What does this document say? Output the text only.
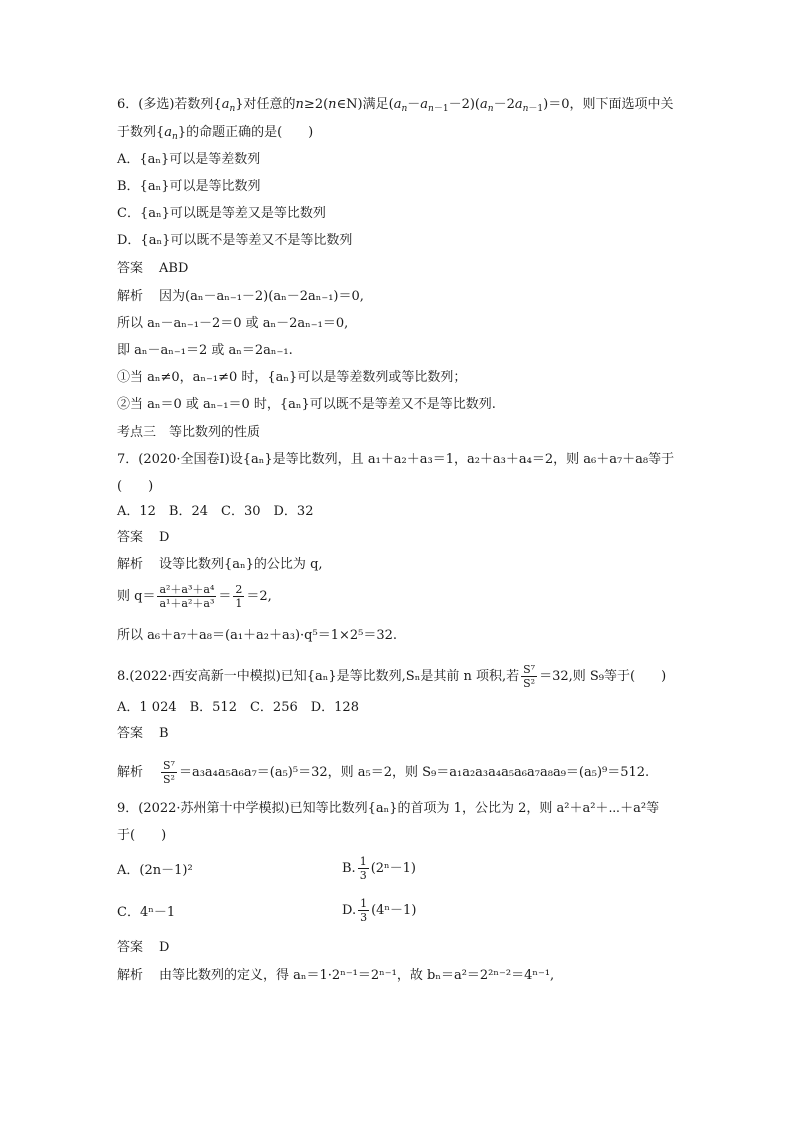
6．(多选)若数列$\{a_n\}$对任意的n≥2(n∈N)满足$(a_n-a_{n-1}-2)(a_n-2a_{n-1})=0$，则下面选项中关
于数列$\{a_n\}$的命题正确的是(　　)
A．{aₙ}可以是等差数列
B．{aₙ}可以是等比数列
C．{aₙ}可以既是等差又是等比数列
D．{aₙ}可以既不是等差又不是等比数列
答案 ABD
解析 因为(aₙ－aₙ₋₁－2)(aₙ－2aₙ₋₁)＝0,
所以 aₙ－aₙ₋₁－2＝0 或 aₙ－2aₙ₋₁＝0,
即 aₙ－aₙ₋₁＝2 或 aₙ＝2aₙ₋₁.
①当 aₙ≠0，aₙ₋₁≠0 时，{aₙ}可以是等差数列或等比数列；
②当 aₙ＝0 或 aₙ₋₁＝0 时，{aₙ}可以既不是等差又不是等比数列.
考点三　等比数列的性质
7．(2020·全国卷Ⅰ)设{aₙ}是等比数列，且 a₁＋a₂＋a₃＝1，a₂＋a₃＋a₄＝2，则 a₆＋a₇＋a₈等于
(　　)
A．12　B．24　C．30　D．32
答案 D
解析 设等比数列{aₙ}的公比为 q,
则 $q= \frac{\text{a²＋a³＋a⁴}}{\text{a¹＋a²＋a³}} = \frac{2}{1} =2$,
所以 a₆＋a₇＋a₈＝(a₁＋a₂＋a₃)·q⁵＝1×2⁵＝32.
8.(2022·西安高新一中模拟)已知{aₙ}是等比数列,Sₙ是其前 n 项积,若 $\frac{\text{S⁷}}{\text{S²}} =32$,则 S₉等于(　　)
A．1 024　B．512　C．256　D．128
答案 B
解析 $\frac{\text{S⁷}}{\text{S²}} =a_3a_4a_5a_6a_7=(a_5)^5=32$，则 a₅＝2，则 S₉＝a₁a₂a₃a₄a₅a₆a₇a₈a₉＝(a₅)⁹＝512.
9．(2022·苏州第十中学模拟)已知等比数列{aₙ}的首项为 1，公比为 2，则 a²＋a²＋⋯＋a²等
于(　　)
A．(2n－1)²	B. $\frac{1}{3} (2^n-1)$
C．4ⁿ－1	D. $\frac{1}{3} (4^n-1)$
答案 D
解析 由等比数列的定义，得 aₙ＝1·2ⁿ⁻¹＝2ⁿ⁻¹，故 bₙ＝a²＝2²ⁿ⁻²＝4ⁿ⁻¹,
